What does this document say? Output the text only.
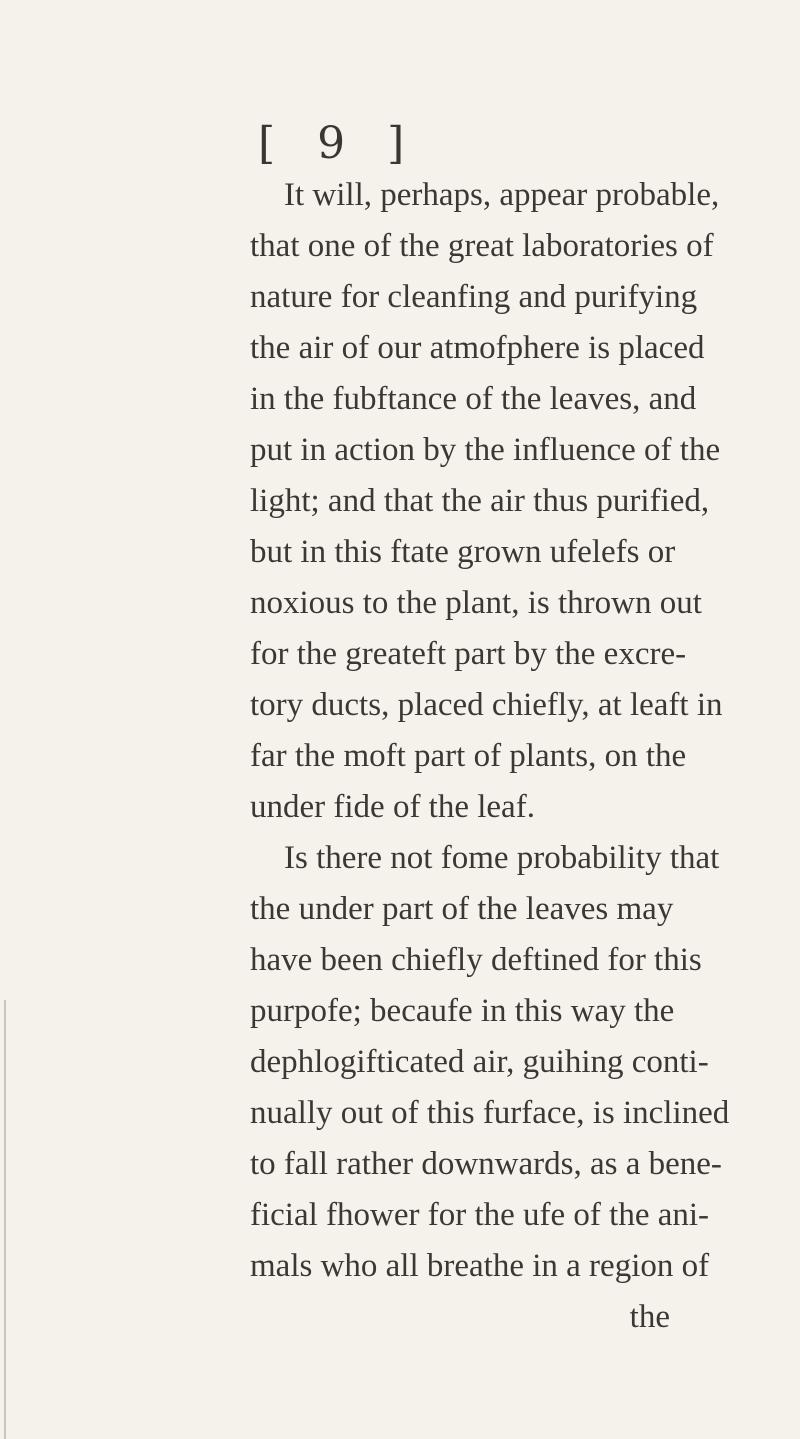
[ 9 ]
It will, perhaps, appear probable,
that one of the great laboratories of
nature for cleanfing and purifying
the air of our atmofphere is placed
in the fubftance of the leaves, and
put in action by the influence of the
light; and that the air thus purified,
but in this ftate grown ufelefs or
noxious to the plant, is thrown out
for the greateft part by the excre-
tory ducts, placed chiefly, at leaft in
far the moft part of plants, on the
under fide of the leaf.
Is there not fome probability that
the under part of the leaves may
have been chiefly deftined for this
purpofe; becaufe in this way the
dephlogifticated air, guihing conti-
nually out of this furface, is inclined
to fall rather downwards, as a bene-
ficial fhower for the ufe of the ani-
mals who all breathe in a region of
the
